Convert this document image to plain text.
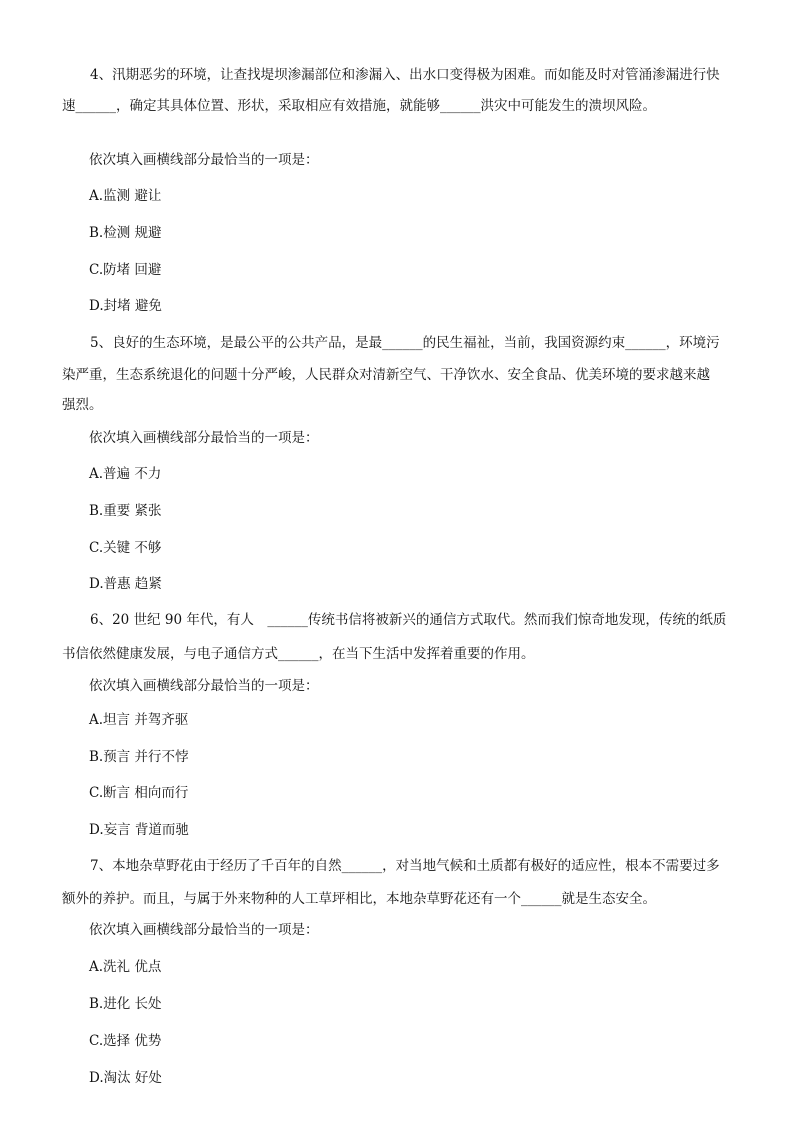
4、汛期恶劣的环境，让查找堤坝渗漏部位和渗漏入、出水口变得极为困难。而如能及时对管涌渗漏进行快
速______，确定其具体位置、形状，采取相应有效措施，就能够______洪灾中可能发生的溃坝风险。
依次填入画横线部分最恰当的一项是：
A.监测 避让
B.检测 规避
C.防堵 回避
D.封堵 避免
5、良好的生态环境，是最公平的公共产品，是最______的民生福祉，当前，我国资源约束______，环境污
染严重，生态系统退化的问题十分严峻，人民群众对清新空气、干净饮水、安全食品、优美环境的要求越来越
强烈。
依次填入画横线部分最恰当的一项是：
A.普遍 不力
B.重要 紧张
C.关键 不够
D.普惠 趋紧
6、20 世纪 90 年代，有人　______传统书信将被新兴的通信方式取代。然而我们惊奇地发现，传统的纸质
书信依然健康发展，与电子通信方式______，在当下生活中发挥着重要的作用。
依次填入画横线部分最恰当的一项是：
A.坦言 并驾齐驱
B.预言 并行不悖
C.断言 相向而行
D.妄言 背道而驰
7、本地杂草野花由于经历了千百年的自然______，对当地气候和土质都有极好的适应性，根本不需要过多
额外的养护。而且，与属于外来物种的人工草坪相比，本地杂草野花还有一个______就是生态安全。
依次填入画横线部分最恰当的一项是：
A.洗礼 优点
B.进化 长处
C.选择 优势
D.淘汰 好处
